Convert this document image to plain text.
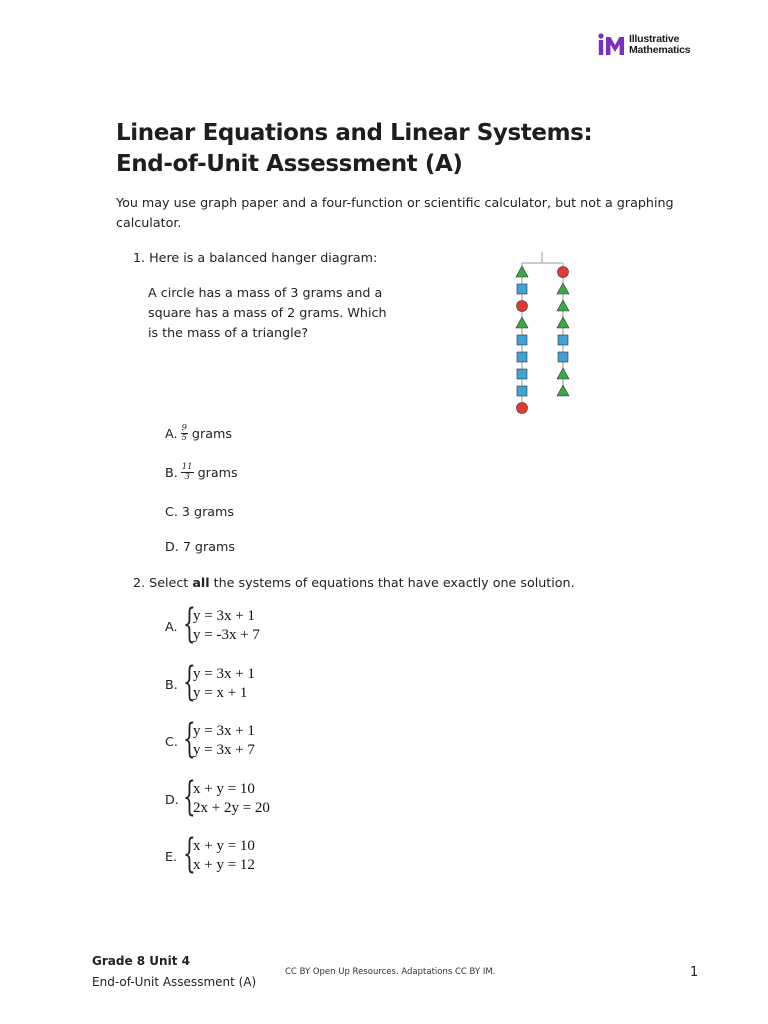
Illustrative
Mathematics
Linear Equations and Linear Systems:
End-of-Unit Assessment (A)
You may use graph paper and a four-function or scientific calculator, but not a graphing calculator.
1. Here is a balanced hanger diagram:
A circle has a mass of 3 grams and a square has a mass of 2 grams. Which is the mass of a triangle?
A. $\frac{9}{5}$ grams
B. $\frac{11}{3}$ grams
C. 3 grams
D. 7 grams
2. Select all the systems of equations that have exactly one solution.
A. {
y = 3x + 1
y = -3x + 7
B. {
y = 3x + 1
y = x + 1
C. {
y = 3x + 1
y = 3x + 7
D. {
x + y = 10
2x + 2y = 20
E. {
x + y = 10
x + y = 12
Grade 8 Unit 4
End-of-Unit Assessment (A)
CC BY Open Up Resources. Adaptations CC BY IM.	1
